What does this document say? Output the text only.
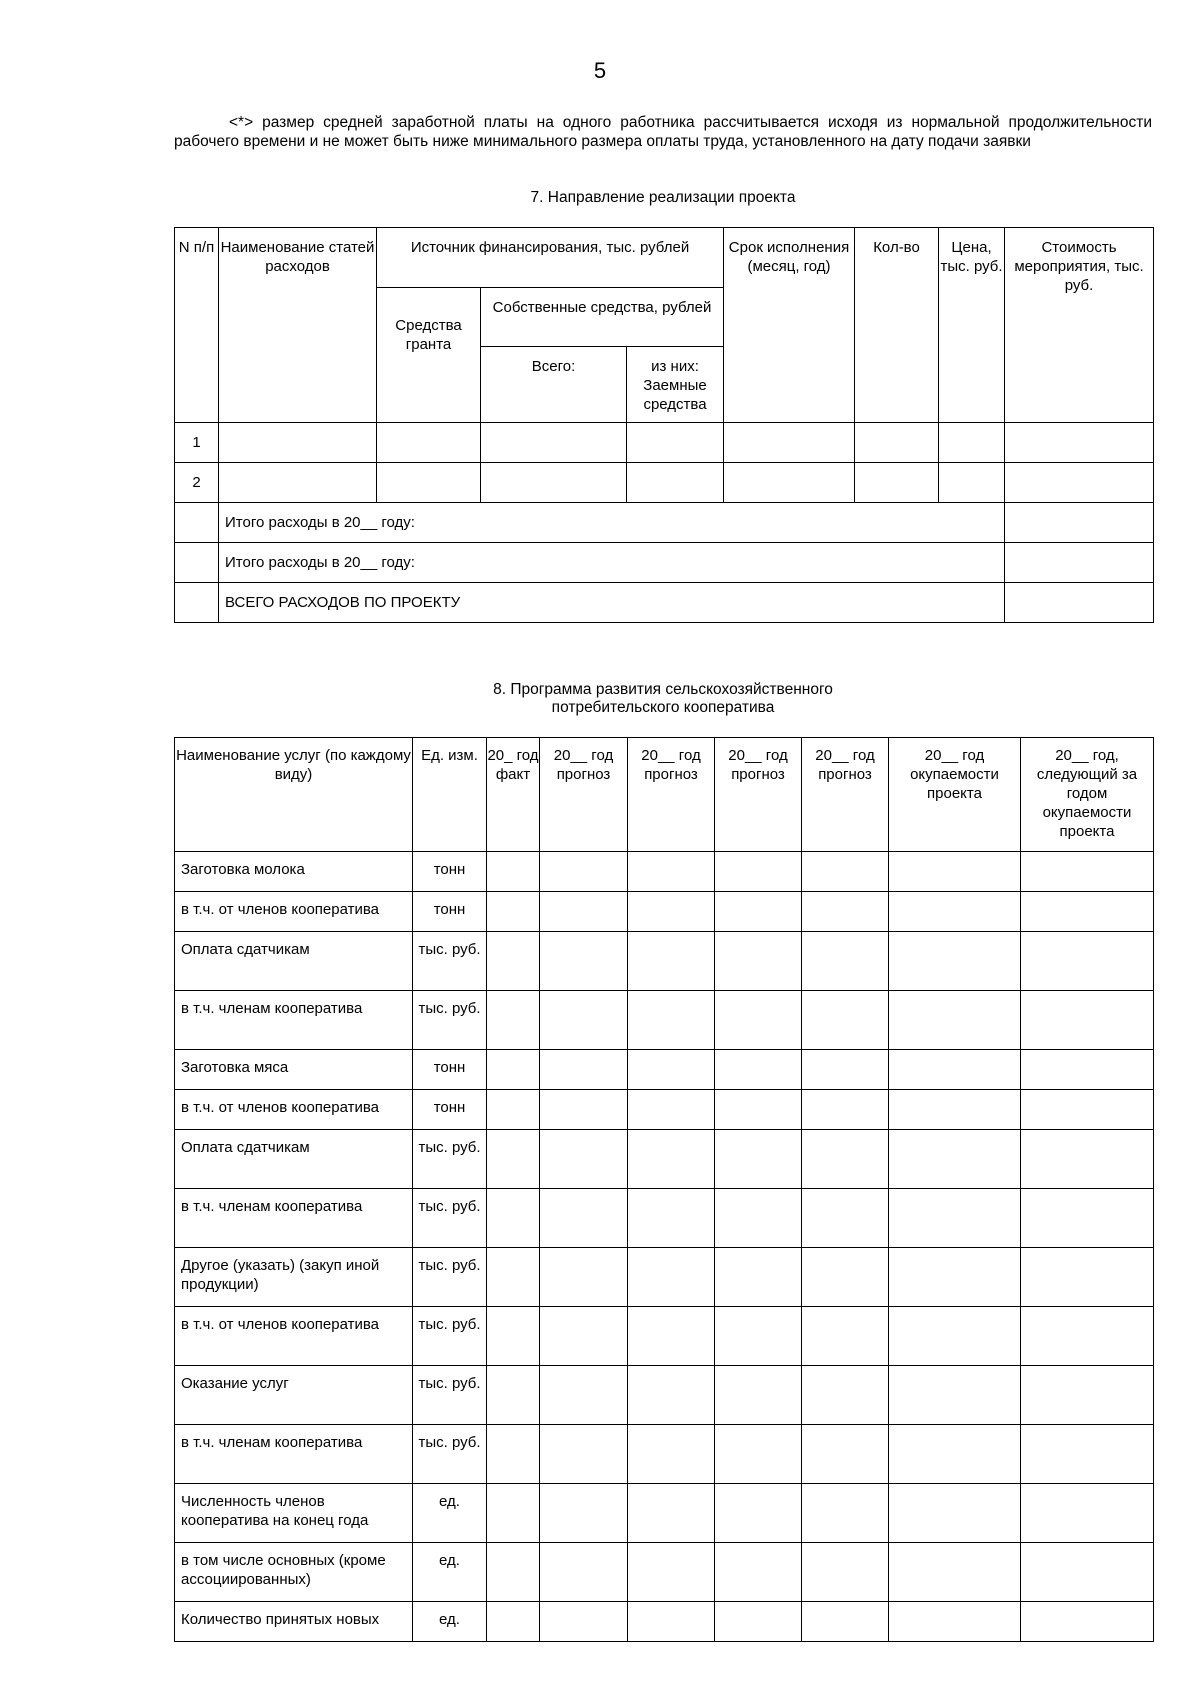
5
<*> размер средней заработной платы на одного работника рассчитывается исходя из нормальной продолжительности рабочего времени и не может быть ниже минимального размера оплаты труда, установленного на дату подачи заявки
7. Направление реализации проекта
N п/п	Наименование статей расходов	Источник финансирования, тыс. рублей			Срок исполнения (месяц, год)	Кол-во	Цена, тыс. руб.	Стоимость мероприятия, тыс. руб.
		Средства гранта	Собственные средства, рублей					
			Всего:	из них: Заемные средства				
1								
2								
	Итого расходы в 20__ году:							
	Итого расходы в 20__ году:							
	ВСЕГО РАСХОДОВ ПО ПРОЕКТУ							
8. Программа развития сельскохозяйственного
потребительского кооператива
Наименование услуг (по каждому виду)	Ед. изм.	20_ год факт	20__ год прогноз	20__ год прогноз	20__ год прогноз	20__ год прогноз	20__ год окупаемости проекта	20__ год, следующий за годом окупаемости проекта
Заготовка молока	тонн							
в т.ч. от членов кооператива	тонн							
Оплата сдатчикам	тыс. руб.							
в т.ч. членам кооператива	тыс. руб.							
Заготовка мяса	тонн							
в т.ч. от членов кооператива	тонн							
Оплата сдатчикам	тыс. руб.							
в т.ч. членам кооператива	тыс. руб.							
Другое (указать) (закуп иной продукции)	тыс. руб.							
в т.ч. от членов кооператива	тыс. руб.							
Оказание услуг	тыс. руб.							
в т.ч. членам кооператива	тыс. руб.							
Численность членов кооператива на конец года	ед.							
в том числе основных (кроме ассоциированных)	ед.							
Количество принятых новых	ед.							
